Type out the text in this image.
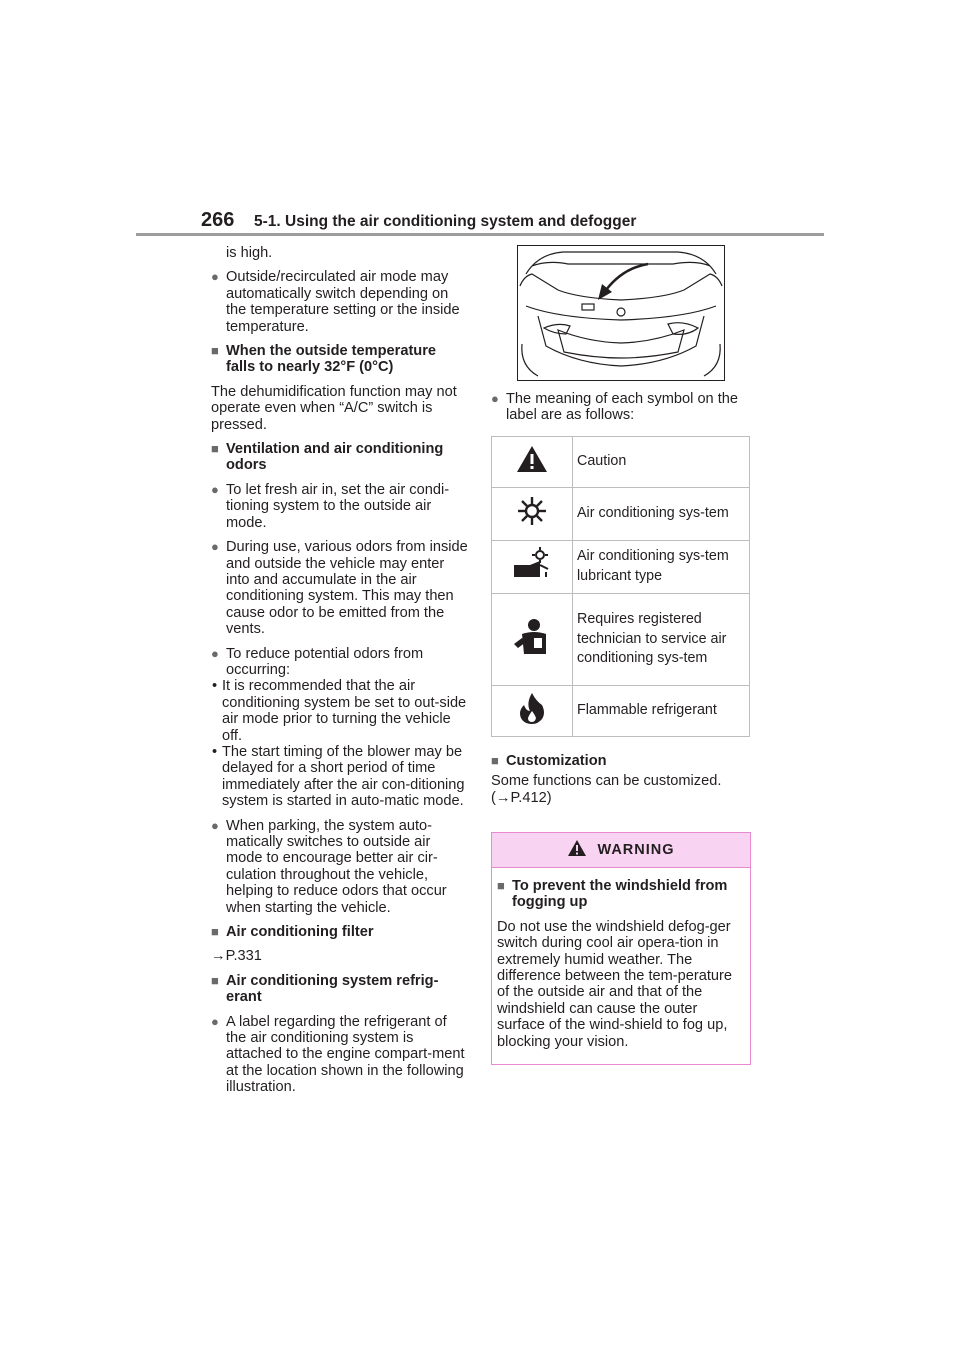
266 5-1. Using the air conditioning system and defogger

is high.

● Outside/recirculated air mode may automatically switch depending on the temperature setting or the inside temperature.

■ When the outside temperature falls to nearly 32°F (0°C)

The dehumidification function may not operate even when “A/C” switch is pressed.

■ Ventilation and air conditioning odors

● To let fresh air in, set the air condi-tioning system to the outside air mode.

● During use, various odors from inside and outside the vehicle may enter into and accumulate in the air conditioning system. This may then cause odor to be emitted from the vents.

● To reduce potential odors from occurring:

• It is recommended that the air conditioning system be set to out-side air mode prior to turning the vehicle off.
• The start timing of the blower may be delayed for a short period of time immediately after the air con-ditioning system is started in auto-matic mode.

● When parking, the system auto-matically switches to outside air mode to encourage better air cir-culation throughout the vehicle, helping to reduce odors that occur when starting the vehicle.

■ Air conditioning filter

→P.331

■ Air conditioning system refrig-erant

● A label regarding the refrigerant of the air conditioning system is attached to the engine compart-ment at the location shown in the following illustration.

● The meaning of each symbol on the label are as follows:

	Caution
	Air conditioning sys-tem
	Air conditioning sys-tem lubricant type
	Requires registered technician to service air conditioning sys-tem
	Flammable refrigerant

■ Customization

Some functions can be customized.

(→P.412)

WARNING

■ To prevent the windshield from fogging up

Do not use the windshield defog-ger switch during cool air opera-tion in extremely humid weather. The difference between the tem-perature of the outside air and that of the windshield can cause the outer surface of the wind-shield to fog up, blocking your vision.
